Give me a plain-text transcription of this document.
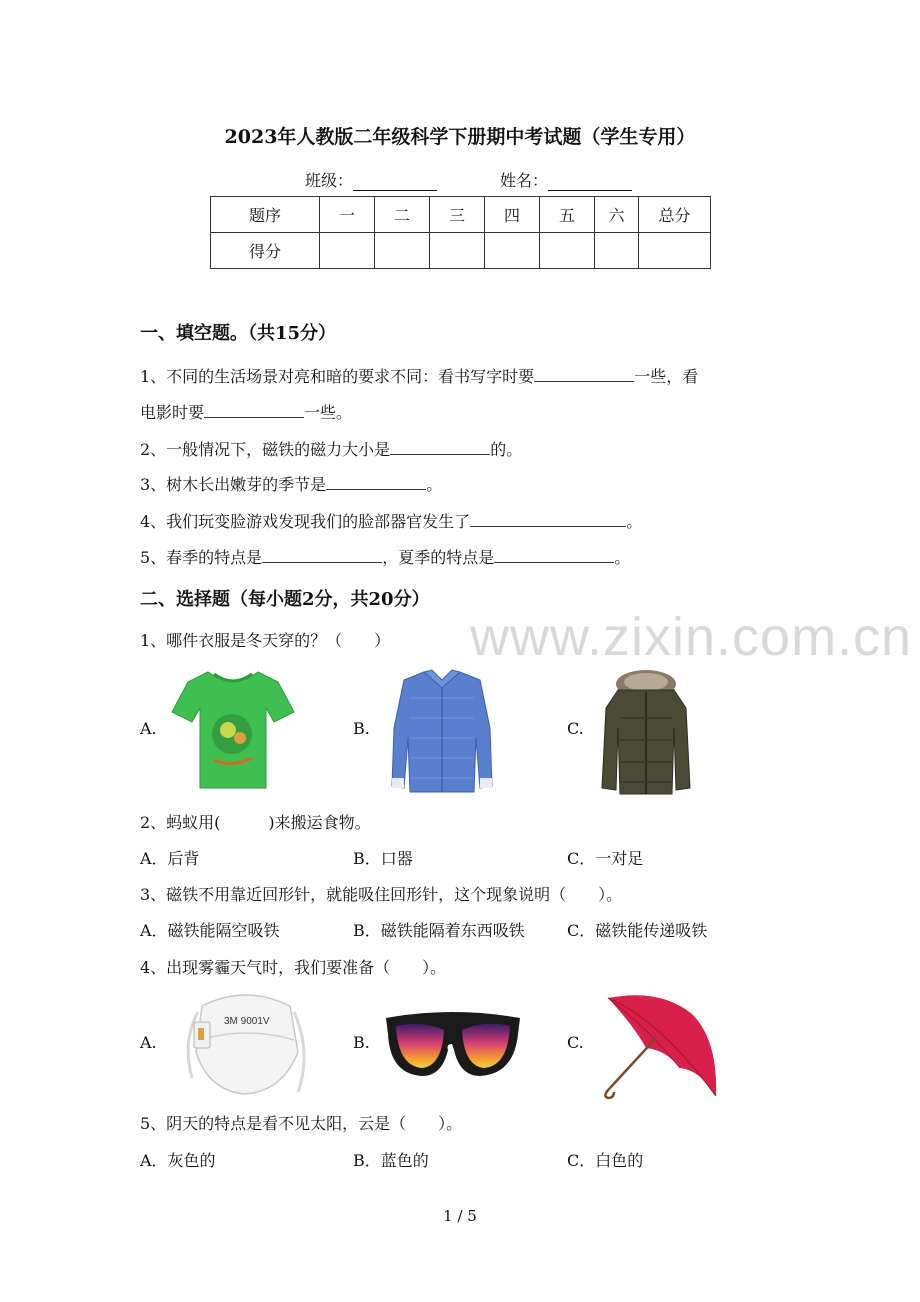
2023年人教版二年级科学下册期中考试题（学生专用）
班级：	姓名：
题序	一	二	三	四	五	六	总分
得分							
一、填空题。（共15分）
1、不同的生活场景对亮和暗的要求不同：看书写字时要	一些，看
电影时要	一些。
2、一般情况下，磁铁的磁力大小是	的。
3、树木长出嫩芽的季节是	。
4、我们玩变脸游戏发现我们的脸部器官发生了	。
5、春季的特点是	，夏季的特点是	。
二、选择题（每小题2分，共20分）
www.zixin.com.cn
1、哪件衣服是冬天穿的？（　　）
A.	B.	C.
2、蚂蚁用(　　　)来搬运食物。
A．后背	B．口器	C．一对足
3、磁铁不用靠近回形针，就能吸住回形针，这个现象说明（　　）。
A．磁铁能隔空吸铁	B．磁铁能隔着东西吸铁	C．磁铁能传递吸铁
4、出现雾霾天气时，我们要准备（　　）。
A.	B.	C.
3M 9001V
5、阴天的特点是看不见太阳，云是（　　）。
A．灰色的	B．蓝色的	C．白色的
1 / 5
